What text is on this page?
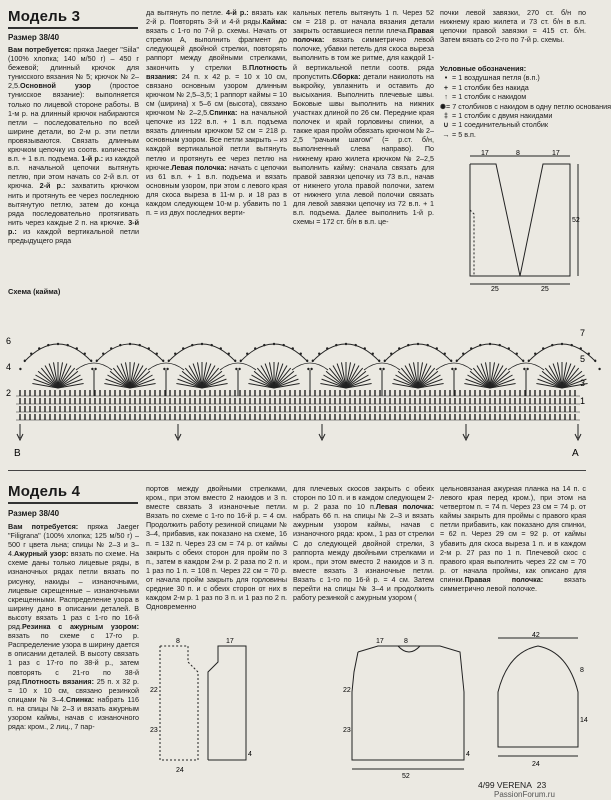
Модель 3
Размер 38/40

Вам потребуется: пряжа Jaeger "Siila" (100% хлопка; 140 м/50 г) – 450 г бежевой; длинный крючок для тунисского вязания № 5; крючок № 2–2,5.Основной узор (простое тунисское вязание): выполняется только по лицевой стороне работы. В 1-м р. на длинный крючок набираются петли – последовательно по всей ширине детали, во 2-м р. эти петли провязываются. Связать длинным крючком цепочку из соотв. количества в.п. + 1 в.п. подъема. 1-й р.: из каждой в.п. начальной цепочки вытянуть петлю, при этом начать со 2-й в.п. от крючка. 2-й р.: захватить крючком нить и протянуть ее через последнюю вытянутую петлю, затем до конца ряда последовательно протягивать нить через каждые 2 п. на крючке. 3-й р.: из каждой вертикальной петли предыдущего ряда

да вытянуть по петле. 4-й р.: вязать как 2-й р. Повторять 3-й и 4-й ряды.Кайма: вязать с 1-го по 7-й р. схемы. Начать от стрелки А, выполнить фрагмент до следующей двойной стрелки, повторять раппорт между двойными стрелками, закончить у стрелки В.Плотность вязания: 24 п. х 42 р. = 10 х 10 см, связано основным узором длинным крючком № 2,5–3,5; 1 раппорт каймы = 10 см (ширина) х 5–6 см (высота), связано крючком № 2–2,5.Спинка: на начальной цепочке из 122 в.п. + 1 в.п. подъема вязать длинным крючком 52 см = 218 р. основным узором. Все петли закрыть – из каждой вертикальной петли вытянуть петлю и протянуть ее через петлю на крючке.Левая полочка: начать с цепочки из 61 в.п. + 1 в.п. подъема и вязать основным узором, при этом с левого края для скоса выреза в 11-м р. и 18 раз в каждом следующем 10-м р. убавить по 1 п. = из двух последних верти-

кальных петель вытянуть 1 п. Через 52 см = 218 р. от начала вязания детали закрыть оставшиеся петли плеча.Правая полочка: вязать симметрично левой полочке, убавки петель для скоса выреза выполнить в том же ритме, для каждой 1-й вертикальной петли соотв. ряда пропустить.Сборка: детали накиолоть на выкройку, увлажнить и оставить до высыхания. Выполнить плечевые швы. Боковые швы выполнить на нижних участках длиной по 26 см. Передние края полочек и край горловины спинки, а также края пройм обвязать крючком № 2–2,5 "рачьим шагом" (= р.ст. б/н, выполненный слева направо). По нижнему краю жилета крючком № 2–2,5 выполнить кайму: сначала связать для правой завязки цепочку из 73 в.п., начав от нижнего угола правой полочки, затем от нижнего угла левой полочки связать для левой завязки цепочку из 72 в.п. + 1 в.п. подъема. Далее выполнить 1-й р. схемы = 172 ст. б/н в в.п. це-

почки левой завязки, 270 ст. б/н по нижнему краю жилета и 73 ст. б/н в в.п. цепочки правой завязки = 415 ст. б/н. Затем вязать со 2-го по 7-й р. схемы.

Условные обозначения:
• = 1 воздушная петля (в.п.)
+ = 1 столбик без накида
↑ = 1 столбик с накидом
✺ = 7 столбиков с накидом в одну петлю основания
‡ = 1 столбик с двумя накидами
∪ = 1 соединительный столбик
→ = 5 в.п.
17	8	17
52
25	25
Схема (кайма)
6
4
2
7
5
3
1
B	A
Модель 4
Размер 38/40

Вам потребуется: пряжа Jaeger "Filigrana" (100% хлопка; 125 м/50 г) – 500 г цвета льна; спицы № 2–3 и 3–4.Ажурный узор: вязать по схеме. На схеме даны только лицевые ряды, в изнаночных рядах петли вязать по рисунку, накиды – изнаночными, лицевые скрещенные – изнаночными скрещенными. Распределение узора в ширину дано в описании деталей. В высоту вязать 1 раз с 1-го по 16-й ряд.Резинка с ажурным узором: вязать по схеме с 17-го р. Распределение узора в ширину дается в описании деталей. В высоту связать 1 раз с 17-го по 38-й р., затем повторять с 21-го по 38-й ряд.Плотность вязания: 25 п. х 32 р. = 10 х 10 см, связано резинкой спицами № 3–4.Спинка: набрать 116 п. на спицы № 2–3 и вязать ажурным узором каймы, начав с изнаночного ряда: кром., 2 лиц., 7 пар-

портов между двойными стрелками, кром., при этом вместо 2 накидов и 3 п. вместе связать 3 изнаночные петли. Вязать по схеме с 1-го по 16-й р. = 4 см. Продолжить работу резинкой спицами № 3–4, прибавив, как показано на схеме, 16 п. = 132 п. Через 23 см = 74 р. от каймы закрыть с обеих сторон для пройм по 3 п., затем в каждом 2-м р. 2 раза по 2 п. и 1 раз по 1 п. = 108 п. Через 22 см = 70 р. от начала пройм закрыть для горловины средние 30 п. и с обеих сторон от них в каждом 2-м р. 1 раз по 3 п. и 1 раз по 2 п. Одновременно

для плечевых скосов закрыть с обеих сторон по 10 п. и в каждом следующем 2-м р. 2 раза по 10 п.Левая полочка: набрать 66 п. на спицы № 2–3 и вязать ажурным узором каймы, начав с изнаночного ряда: кром., 1 раз от стрелки С до следующей двойной стрелки, 3 раппорта между двойными стрелками и кром., при этом вместо 2 накидов и 3 п. вместе вязать 3 изнаночные петли. Вязать с 1-го по 16-й р. = 4 см. Затем перейти на спицы № 3–4 и продолжить работу резинкой с ажурным узором (

цельновязаная ажурная планка на 14 п. с левого края перед кром.), при этом на четвертом п. = 74 п. Через 23 см = 74 р. от каймы закрыть для проймы с правого края петли прибавить, как показано для спинки, = 62 п. Через 29 см = 92 р. от каймы убавить для скоса выреза 1 п. и в каждом 2-м р. 27 раз по 1 п. Плечевой скос с правого края выполнить через 22 см = 70 р. от начала проймы, как описано для спинки.Правая полочка: вязать симметрично левой полочке.

8	17
22
23
4
24
17	8
22
23
4
52
42
8
14
24
4/99 VERENA 23
PassionForum.ru
